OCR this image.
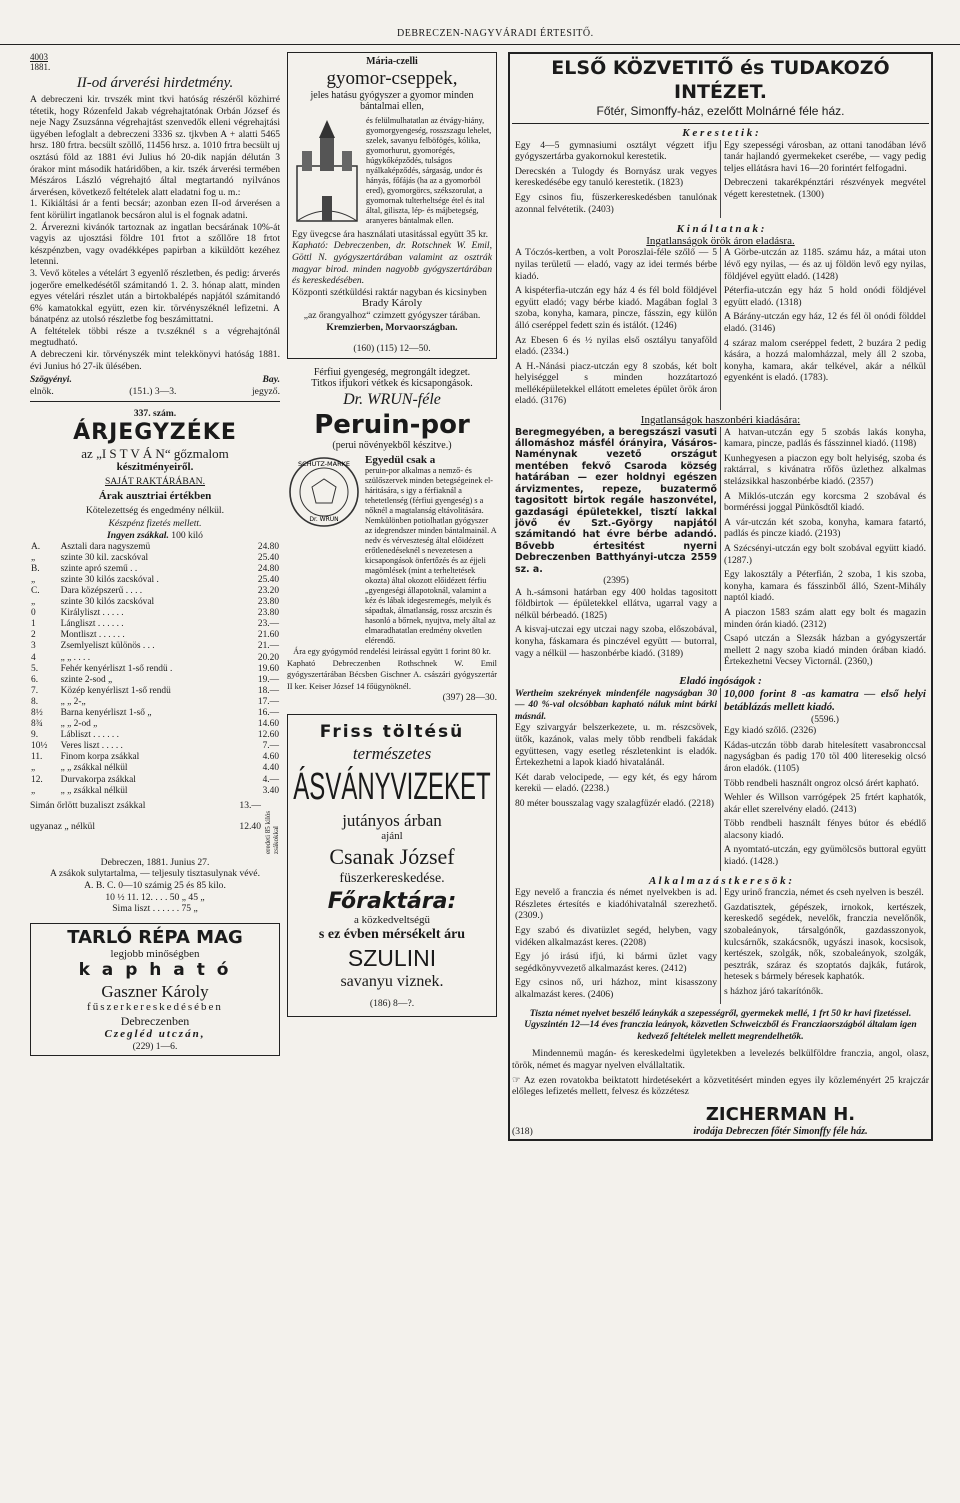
DEBRECZEN-NAGYVÁRADI ÉRTESITŐ.
4003
1881.
II-od árverési hirdetmény.

A debreczeni kir. trvszék mint tkvi hatóság részéről közhirré tétetik, hogy Rózenfeld Jakab végrehajtatónak Orbán József és neje Nagy Zsuzsánna végrehajtást szenvedők elleni végrehajtási ügyében lefoglalt a debreczeni 3336 sz. tjkvben A + alatti 5465 hrsz. 180 frtra. becsült szöllő, 11456 hrsz. a. 1010 frtra becsült uj osztású föld az 1881 évi Julius hó 20-dik napján délután 3 órakor mint második határidőben, a kir. tszék árverési termében Mészáros László végrehajtó által megtartandó nyilvános árverésen, következő feltételek alatt eladatni fog u. m.:

1. Kikiáltási ár a fenti becsár; azonban ezen II-od árverésen a fent körülirt ingatlanok becsáron alul is el fognak adatni.

2. Árverezni kivánók tartoznak az ingatlan becsárának 10%-át vagyis az ujosztási földre 101 frtot a szőllőre 18 frtot készpénzben, vagy ovadékképes papirban a kiküldött kezéhez letenni.

3. Vevő köteles a vételárt 3 egyenlő részletben, és pedig: árverés jogerőre emelkedésétől számitandó 1. 2. 3. hónap alatt, minden egyes vételári részlet után a birtokbalépés napjától számitandó 6% kamatokkal együtt, ezen kir. törvényszéknél lefizetni. A bánatpénz az utolsó részletbe fog beszámittatni.

A feltételek többi része a tv.széknél s a végrehajtónál megtudható.

A debreczeni kir. törvényszék mint telekkönyvi hatóság 1881. évi Junius hó 27-ik ülésében.

Szögyényi.	Bay.
elnök.	(151.) 3—3.	jegyző.
337. szám.
ÁRJEGYZÉKE
az „I S T V Á N“ gőzmalom
készitményeiről.
SAJÁT RAKTÁRÁBAN.
Árak ausztriai értékben
Kötelezettség és engedmény nélkül.
Készpénz fizetés mellett.
Ingyen zsákkal. 100 kiló
A.	Asztali dara nagyszemü	24.80
„	szinte 30 kil. zacskóval	25.40
B.	szinte apró szemű . .	24.80
„	szinte 30 kilós zacskóval .	25.40
C.	Dara középszerű . . . .	23.20
„	szinte 30 kilós zacskóval	23.80
0	Királyliszt . . . . .	23.80
1	Lángliszt . . . . . .	23.—
2	Montliszt . . . . . .	21.60
3	Zsemlyeliszt különös . . .	21.—
4	„ „ . . . .	20.20
5.	Fehér kenyérliszt 1-ső rendü .	19.60
6.	szinte 2-sod „	19.—
7.	Közép kenyérliszt 1-ső rendü	18.—
8.	„ „ 2-„	17.—
8½	Barna kenyérliszt 1-ső „	16.—
8¾	„ „ 2-od „	14.60
9.	Lábliszt . . . . . .	12.60
10½	Veres liszt . . . . .	7.—
11.	Finom korpa zsákkal	4.60
„	„ „ zsákkal nélkül	4.40
12.	Durvakorpa zsákkal	4.—
„	„ „ zsákkal nélkül	3.40
Simán őrlött buzaliszt zsákkal	13.—
ugyanaz „ nélkül	12.40 eredeti 85 kilós zsákokkal
Debreczen, 1881. Junius 27.
A zsákok sulytartalma, — teljesuly tisztasulynak vévé.
A. B. C. 0—10 számig 25 és 85 kilo.
10 ½ 11. 12. . . . 50 „ 45 „
Sima liszt . . . . . . 75 „
TARLÓ RÉPA MAG
legjobb minőségben
k a p h a t ó
Gaszner Károly
fűszerkereskedésében
Debreczenben
Czegléd utczán,
(229) 1—6.
Mária-czelli
gyomor-cseppek,
jeles hatásu gyógyszer a gyomor minden bántalmai ellen,
és felülmulhatatlan az étvágy-hiány, gyomorgyengeség, rosszszagu lehelet, szelek, savanyu felböfögés, kólika, gyomorhurut, gyomorégés, húgykőképződés, tulságos nyálkaképződés, sárgaság, undor és hányás, főfájás (ha az a gyomorból ered), gyomorgörcs, székszorulat, a gyomornak tulterheltsége étel és ital által, giliszta, lép- és májbetegség, aranyeres bántalmak ellen.

Egy üvegcse ára használati utasitással együtt 35 kr.

Kapható: Debreczenben, dr. Rotschnek W. Emil, Göttl N. gyógyszertárában valamint az osztrák magyar birod. minden nagyobb gyógyszertárában és kereskedésében.

Központi szétküldési raktár nagyban és kicsinyben

Brady Károly
„az őrangyalhoz“ czimzett gyógyszer tárában.
Kremzierben, Morvaországban.
(160) (115) 12—50.
Férfiui gyengeség, megrongált idegzet.
Titkos ifjukori vétkek és kicsapongások.
Dr. WRUN-féle
Peruin-por
(perui növényekből készitve.)
SCHUTZ-MARKE
Dr. WRUN
Egyedül csak a
peruin-por alkalmas a nemző- és szülőszervek minden betegségeinek el-háritására, s igy a férfiaknál a tehetetlenség (férfiui gyengeség) s a nőknél a magtalanság eltávolitására. Nemkülönben potiolhatlan gyógyszer az idegrendszer minden bántalmainál. A nedv és vérveszteség által előidézett erőtlenedéseknél s nevezetesen a kicsapongások önfertőzés és az éjjeli magömlések (mint a terheltetések okozta) által okozott előidézett férfiu „gyengeségi állapotoknál, valamint a kéz és lábak idegesremegés, melyik és sápadtak, álmatlanság, rossz arcszin és hasonló a bőrnek, nyujtva, mely által az elmaradhatatlan eredmény okvetlen elérendő.

Ára egy gyógymód rendelési leirással együtt 1 forint 80 kr.

Kapható Debreczenben Rothschnek W. Emil gyógyszertárában Bécsben Gischner A. császári gyógyszertár II ker. Keiser József 14 főügynöknél.

(397) 28—30.
Friss töltésü
természetes
ÁSVÁNYVIZEKET
jutányos árban
ajánl
Csanak József
füszerkereskedése.
Főraktára:
a közkedveltségü
s ez évben mérsékelt áru
SZULINI
savanyu viznek.
(186) 8—?.
ELSŐ KÖZVETITŐ és TUDAKOZÓ INTÉZET.
Főtér, Simonffy-ház, ezelőtt Molnárné féle ház.
K e r e s t e t i k :

Egy 4—5 gymnasiumi osztályt végzett ifju gyógyszertárba gyakornokul kerestetik.

Derecskén a Tulogdy és Bornyász urak vegyes kereskedésébe egy tanuló kerestetik. (1823)

Egy csinos fiu, füszerkereskedésben tanulónak azonnal felvétetik. (2403)

Egy szepességi városban, az ottani tanodában lévő tanár hajlandó gyermekeket cserébe, — vagy pedig teljes ellátásra havi 16—20 forintért felfogadni.

Debreczeni takarékpénztári részvények megvétel végett kerestetnek. (1300)

K i n á l t a t n a k :
Ingatlanságok örök áron eladásra.

A Tóczós-kertben, a volt Poroszlai-féle szőlő — 5 nyilas területű — eladó, vagy az idei termés bérbe kiadó.

A kispéterfia-utczán egy ház 4 és fél bold földjével együtt eladó; vagy bérbe kiadó. Magában foglal 3 szoba, konyha, kamara, pincze, fásszin, egy külön álló cseréppel fedett szin és istálót. (1246)

Az Ebesen 6 és ½ nyilas első osztályu tanyaföld eladó. (2334.)

A H.-Nánási piacz-utczán egy 8 szobás, két bolt helyiséggel s minden hozzátartozó melléképületekkel ellátott emeletes épület örök áron eladó. (3176)

A Görbe-utczán az 1185. számu ház, a mátai uton lévő egy nyilas, — és az uj földön levő egy nyilas, földjével együtt eladó. (1428)

Péterfia-utczán egy ház 5 hold onódi földjével együtt eladó. (1318)

A Bárány-utczán egy ház, 12 és fél öl onódi földdel eladó. (3146)

4 száraz malom cseréppel fedett, 2 buzára 2 pedig kására, a hozzá malomházzal, mely áll 2 szoba, konyha, kamara, akár telkével, akár a nélkül egyenként is eladó. (1783).

Ingatlanságok haszonbéri kiadására:

Beregmegyében, a beregszászi vasuti állomáshoz másfél órányira, Vásáros-Naménynak vezető országut mentében fekvő Csaroda község határában — ezer holdnyi egészen árvizmentes, repeze, buzatermő tagositott birtok regále haszonvétel, gazdasági épületekkel, tisztí lakkal jövő év Szt.-György napjától számitandó hat évre bérbe adandó. Bővebb értesitést nyerni Debreczenben Batthyányi-utcza 2559 sz. a.

(2395)

A h.-sámsoni határban egy 400 holdas tagositott földbirtok — épületekkel ellátva, ugarral vagy a nélkül bérbeadó. (1825)

A kisvaj-utczai egy utczai nagy szoba, előszobával, konyha, fáskamara és pinczével együtt — butorral, vagy a nélkül — haszonbérbe kiadó. (3189)

A hatvan-utczán egy 5 szobás lakás konyha, kamara, pincze, padlás és fásszinnel kiadó. (1198)

Kunhegyesen a piaczon egy bolt helyiség, szoba és raktárral, s kivánatra rőfös üzlethez alkalmas stelázsikkal haszonbérbe kiadó. (2357)

A Miklós-utczán egy korcsma 2 szobával és borméréssi joggal Pünkösdtől kiadó.

A vár-utczán két szoba, konyha, kamara fatartó, padlás és pincze kiadó. (2193)

A Szécsényi-utczán egy bolt szobával együtt kiadó. (1287.)

Egy lakosztály a Péterfián, 2 szoba, 1 kis szoba, konyha, kamara és fásszinből álló, Szent-Mihály naptól kiadó.

A piaczon 1583 szám alatt egy bolt és magazin minden órán kiadó. (2312)

Csapó utczán a Slezsák házban a gyógyszertár mellett 2 nagy szoba kiadó minden órában kiadó. Értekezhetni Vecsey Victornál. (2360,)

Eladó ingóságok :

Wertheim szekrények mindenféle nagyságban 30 — 40 %-val olcsóbban kapható náluk mint bárki másnál.

Egy szivargyár belszerkezete, u. m. részcsövek, ütők, kazánok, valas mely több rendbeli fakádak együttesen, vagy esetleg részletenkint is eladók. Értekezhetni a lapok kiadó hivatalánál.

Két darab velocipede, — egy két, és egy három kerekü — eladó. (2238.)

80 méter bousszalag vagy szalagfüzér eladó. (2218)

10,000 forint 8 -as kamatra — első helyi betáblázás mellett kiadó.

(5596.)

Egy kiadó szőlő. (2326)

Kádas-utczán több darab hitelesített vasabronccsal nagyságban és padig 170 töl 400 literesekig olcsó áron eladók. (1105)

Több rendbeli használt ongroz olcsó árért kapható.

Wehler és Willson varrógépek 25 frtért kaphatók, akár ellet szerelvény eladó. (2413)

Több rendbeli használt fényes bútor és ebédlő alacsony kiadó.

A nyomtató-utczán, egy gyümölcsös buttoral együtt kiadó. (1428.)

A l k a l m a z á s t k e r e s ö k :

Egy nevelő a franczia és német nyelvekben is ad. Részletes értesítés e kiadóhivatalnál szerezhető. (2309.)

Egy szabó és divatüzlet segéd, helyben, vagy vidéken alkalmazást keres. (2208)

Egy jó irású ifjú, ki bármi üzlet vagy segédkönyvvezető alkalmazást keres. (2412)

Egy csinos nő, uri házhoz, mint kisasszony alkalmazást keres. (2406)

Egy urinő franczia, német és cseh nyelven is beszél.

Gazdatisztek, gépészek, irnokok, kertészek, kereskedő segédek, nevelők, franczia nevelőnők, szobaleányok, társalgónők, gazdasszonyok, kulcsárnők, szakácsnők, ugyászi inasok, kocsisok, kertészek, szolgák, nők, szobaleányok, szolgák, pesztrák, száraz és szoptatós dajkák, futárok, hetesek s bármely béresek kaphatók.

s házhoz járó takarítónők.

Tiszta német nyelvet beszélő leánykák a szepességről, gyermekek mellé, 1 frt 50 kr havi fizetéssel. Ugyszintén 12—14 éves franczia leányok, közvetlen Schweiczből és Francziaországból általam igen kedvező feltételek mellett megrendelhetők.

Mindennemü magán- és kereskedelmi ügyletekben a levelezés belkülföldre franczia, angol, olasz, török, német és magyar nyelven elvállaltatik.

☞ Az ezen rovatokba beiktatott hirdetésekért a közvetitésért minden egyes ily közleményért 25 krajczár előleges lefizetés mellett, felvesz és közzétesz

(318)
ZICHERMAN H.
irodája Debreczen főtér Simonffy féle ház.
